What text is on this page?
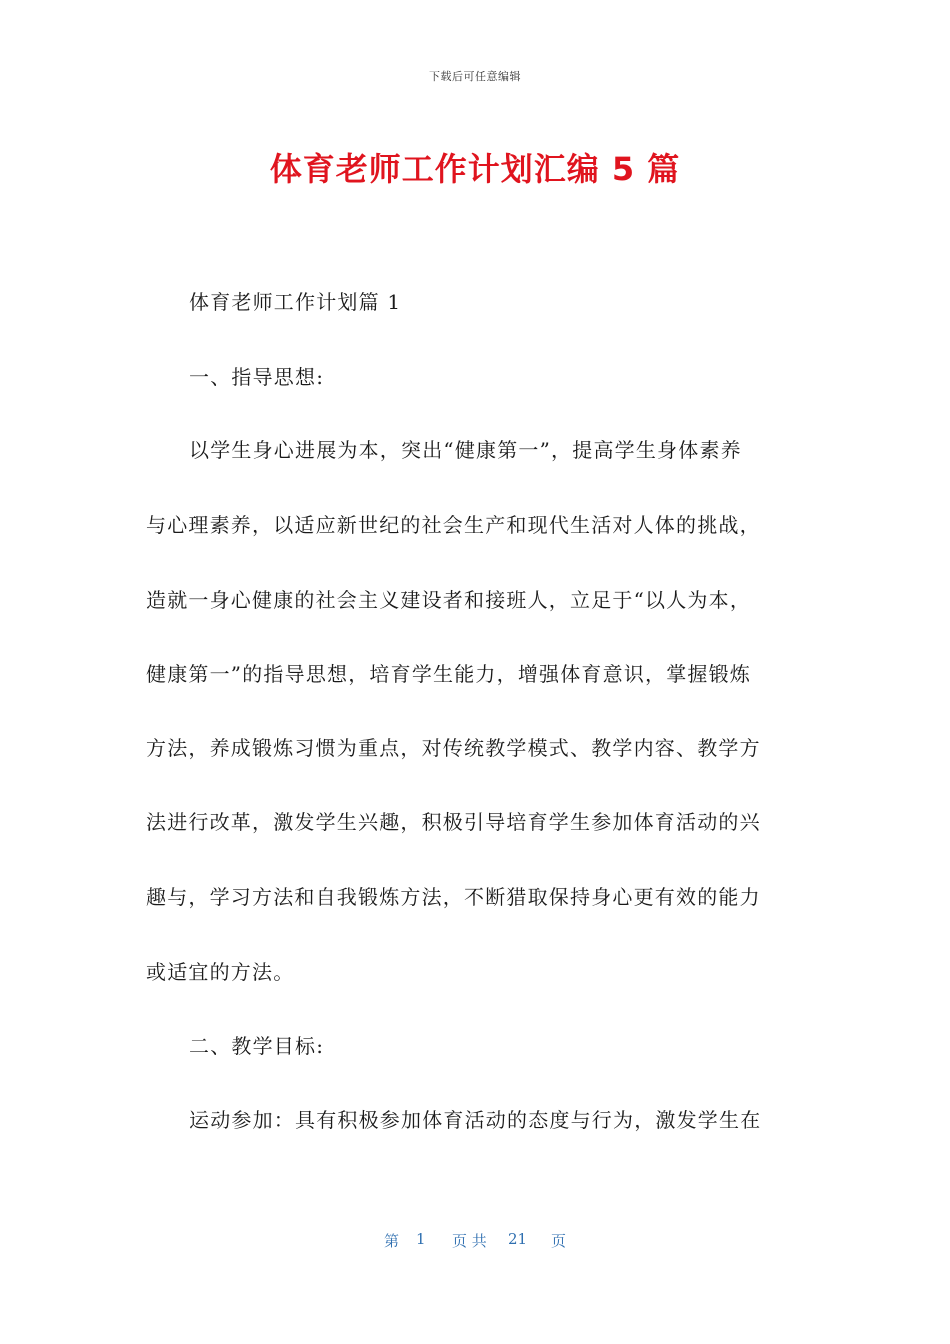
下载后可任意编辑
体育老师工作计划汇编 5 篇
体育老师工作计划篇 1
一、指导思想:
以学生身心进展为本，突出“健康第一”，提高学生身体素养
与心理素养，以适应新世纪的社会生产和现代生活对人体的挑战，
造就一身心健康的社会主义建设者和接班人，立足于“以人为本，
健康第一”的指导思想，培育学生能力，增强体育意识，掌握锻炼
方法，养成锻炼习惯为重点，对传统教学模式、教学内容、教学方
法进行改革，激发学生兴趣，积极引导培育学生参加体育活动的兴
趣与，学习方法和自我锻炼方法，不断猎取保持身心更有效的能力
或适宜的方法。
二、教学目标:
运动参加：具有积极参加体育活动的态度与行为，激发学生在
第 1 页 共 21 页
